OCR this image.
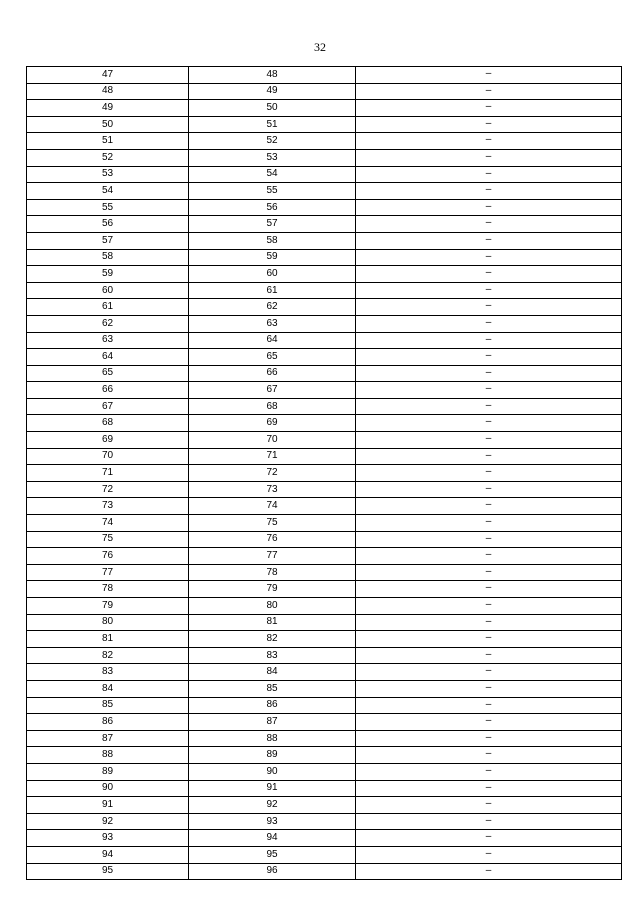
32
47	48	–
48	49	–
49	50	–
50	51	–
51	52	–
52	53	–
53	54	–
54	55	–
55	56	–
56	57	–
57	58	–
58	59	–
59	60	–
60	61	–
61	62	–
62	63	–
63	64	–
64	65	–
65	66	–
66	67	–
67	68	–
68	69	–
69	70	–
70	71	–
71	72	–
72	73	–
73	74	–
74	75	–
75	76	–
76	77	–
77	78	–
78	79	–
79	80	–
80	81	–
81	82	–
82	83	–
83	84	–
84	85	–
85	86	–
86	87	–
87	88	–
88	89	–
89	90	–
90	91	–
91	92	–
92	93	–
93	94	–
94	95	–
95	96	–
